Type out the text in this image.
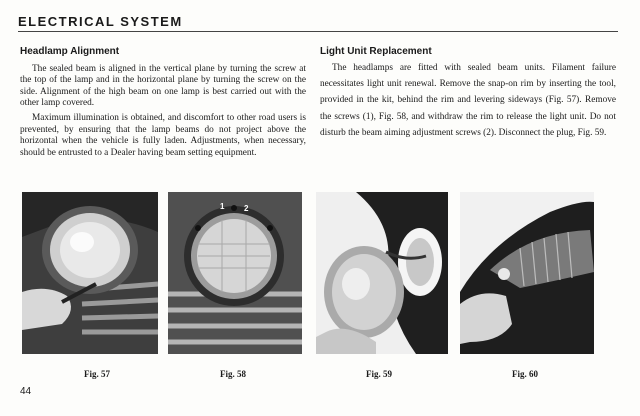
ELECTRICAL SYSTEM
Headlamp Alignment

The sealed beam is aligned in the vertical plane by turning the screw at the top of the lamp and in the horizontal plane by turning the screw on the side. Alignment of the high beam on one lamp is best carried out with the other lamp covered.

Maximum illumination is obtained, and discomfort to other road users is prevented, by ensuring that the lamp beams do not project above the horizontal when the vehicle is fully laden. Adjustments, when necessary, should be entrusted to a Dealer having beam setting equipment.

Light Unit Replacement

The headlamps are fitted with sealed beam units. Filament failure necessitates light unit renewal. Remove the snap-on rim by inserting the tool, provided in the kit, behind the rim and levering sideways (Fig. 57). Remove the screws (1), Fig. 58, and withdraw the rim to release the light unit. Do not disturb the beam aiming adjustment screws (2). Disconnect the plug, Fig. 59.

1 2
Fig. 57	Fig. 58	Fig. 59	Fig. 60
44
